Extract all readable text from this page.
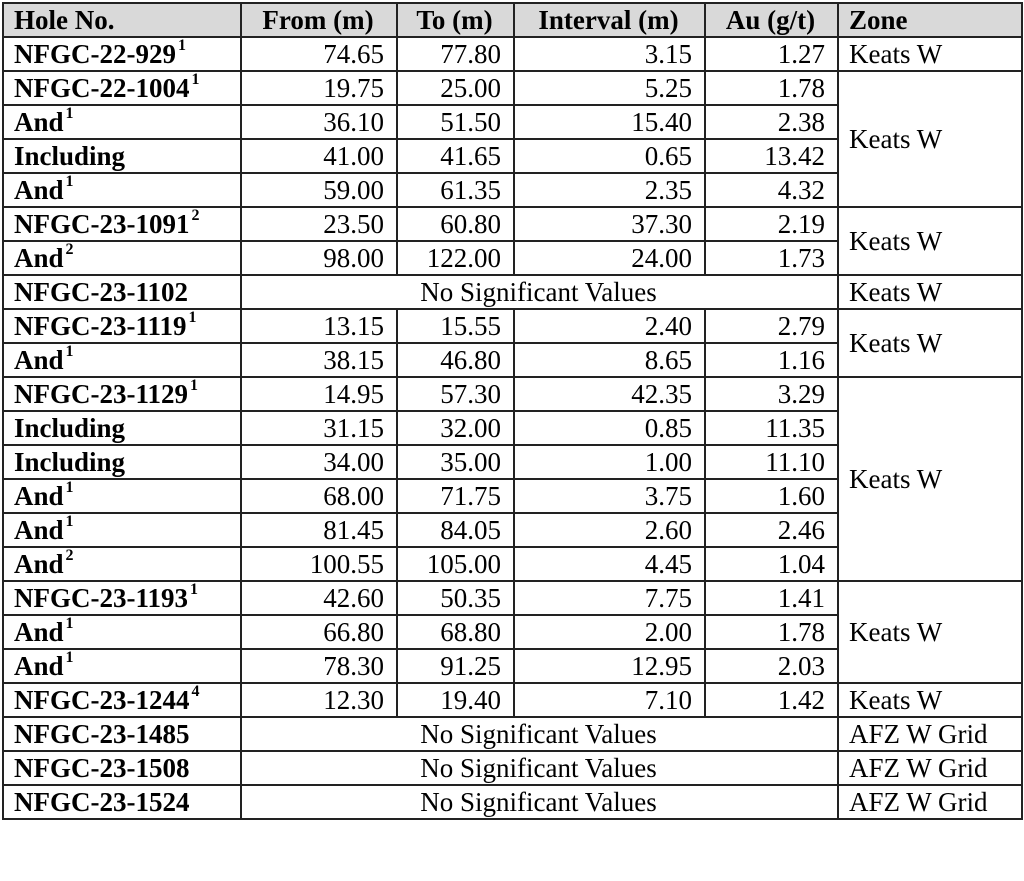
Hole No.	From (m)	To (m)	Interval (m)	Au (g/t)	Zone
NFGC-22-929 $^1$	74.65	77.80	3.15	1.27	Keats W
NFGC-22-1004 $^1$	19.75	25.00	5.25	1.78	Keats W
And $^1$	36.10	51.50	15.40	2.38	
Including	41.00	41.65	0.65	13.42	
And $^1$	59.00	61.35	2.35	4.32	
NFGC-23-1091 $^2$	23.50	60.80	37.30	2.19	Keats W
And $^2$	98.00	122.00	24.00	1.73	
NFGC-23-1102	No Significant Values				Keats W
NFGC-23-1119 $^1$	13.15	15.55	2.40	2.79	Keats W
And $^1$	38.15	46.80	8.65	1.16	
NFGC-23-1129 $^1$	14.95	57.30	42.35	3.29	Keats W
Including	31.15	32.00	0.85	11.35	
Including	34.00	35.00	1.00	11.10	
And $^1$	68.00	71.75	3.75	1.60	
And $^1$	81.45	84.05	2.60	2.46	
And $^2$	100.55	105.00	4.45	1.04	
NFGC-23-1193 $^1$	42.60	50.35	7.75	1.41	Keats W
And $^1$	66.80	68.80	2.00	1.78	
And $^1$	78.30	91.25	12.95	2.03	
NFGC-23-1244 $^4$	12.30	19.40	7.10	1.42	Keats W
NFGC-23-1485	No Significant Values				AFZ W Grid
NFGC-23-1508	No Significant Values				AFZ W Grid
NFGC-23-1524	No Significant Values				AFZ W Grid
